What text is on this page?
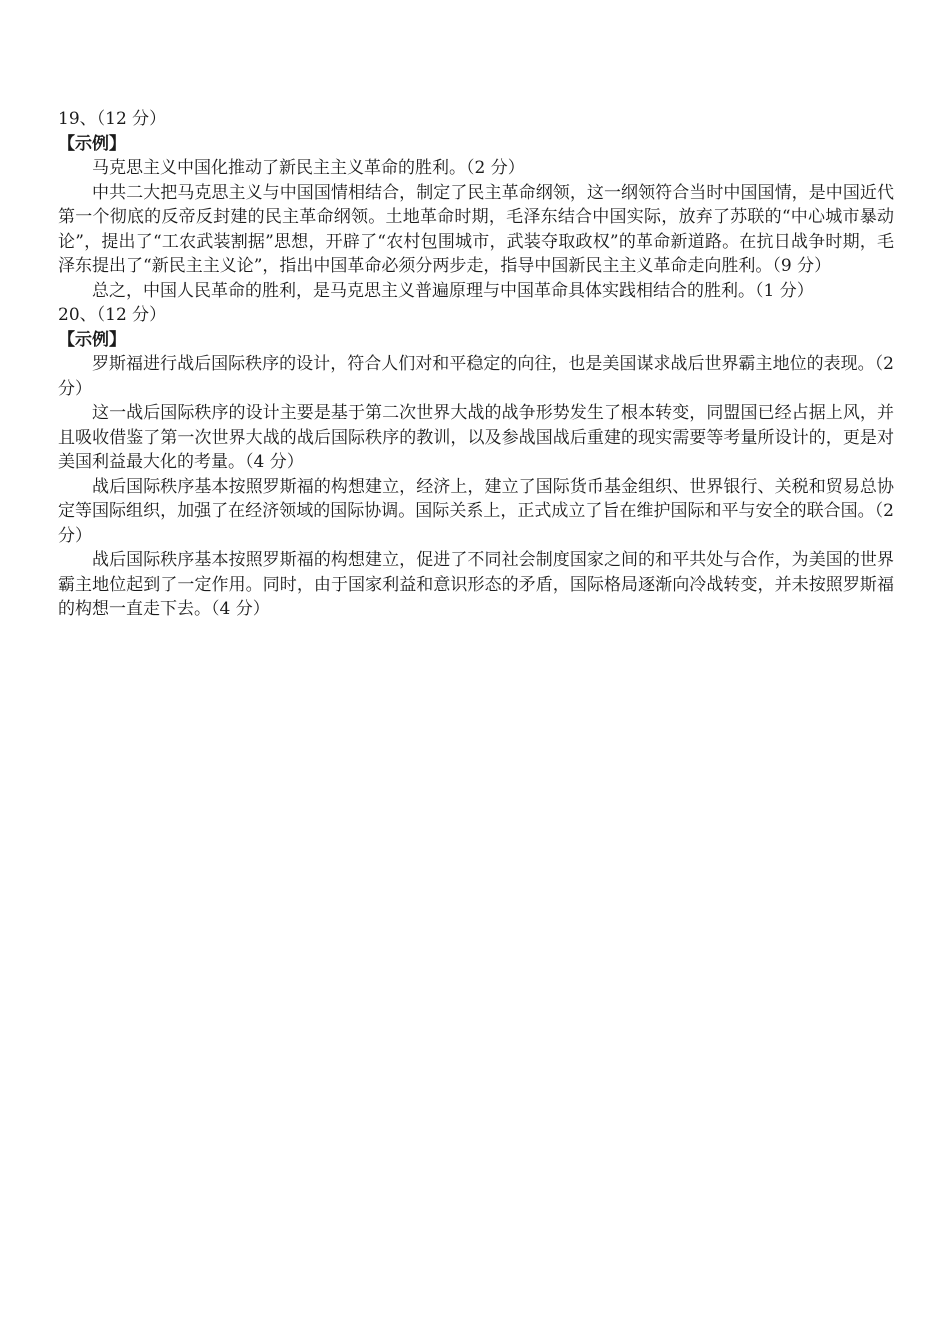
19、（12 分）

【示例】

马克思主义中国化推动了新民主主义革命的胜利。（2 分）

中共二大把马克思主义与中国国情相结合，制定了民主革命纲领，这一纲领符合当时中国国情，是中国近代第一个彻底的反帝反封建的民主革命纲领。土地革命时期，毛泽东结合中国实际，放弃了苏联的“中心城市暴动论”，提出了“工农武装割据”思想，开辟了“农村包围城市，武装夺取政权”的革命新道路。在抗日战争时期，毛泽东提出了“新民主主义论”，指出中国革命必须分两步走，指导中国新民主主义革命走向胜利。（9 分）

总之，中国人民革命的胜利，是马克思主义普遍原理与中国革命具体实践相结合的胜利。（1 分）

20、（12 分）

【示例】

罗斯福进行战后国际秩序的设计，符合人们对和平稳定的向往，也是美国谋求战后世界霸主地位的表现。（2 分）

这一战后国际秩序的设计主要是基于第二次世界大战的战争形势发生了根本转变，同盟国已经占据上风，并且吸收借鉴了第一次世界大战的战后国际秩序的教训，以及参战国战后重建的现实需要等考量所设计的，更是对美国利益最大化的考量。（4 分）

战后国际秩序基本按照罗斯福的构想建立，经济上，建立了国际货币基金组织、世界银行、关税和贸易总协定等国际组织，加强了在经济领域的国际协调。国际关系上，正式成立了旨在维护国际和平与安全的联合国。（2 分）

战后国际秩序基本按照罗斯福的构想建立，促进了不同社会制度国家之间的和平共处与合作，为美国的世界霸主地位起到了一定作用。同时，由于国家利益和意识形态的矛盾，国际格局逐渐向冷战转变，并未按照罗斯福的构想一直走下去。（4 分）
